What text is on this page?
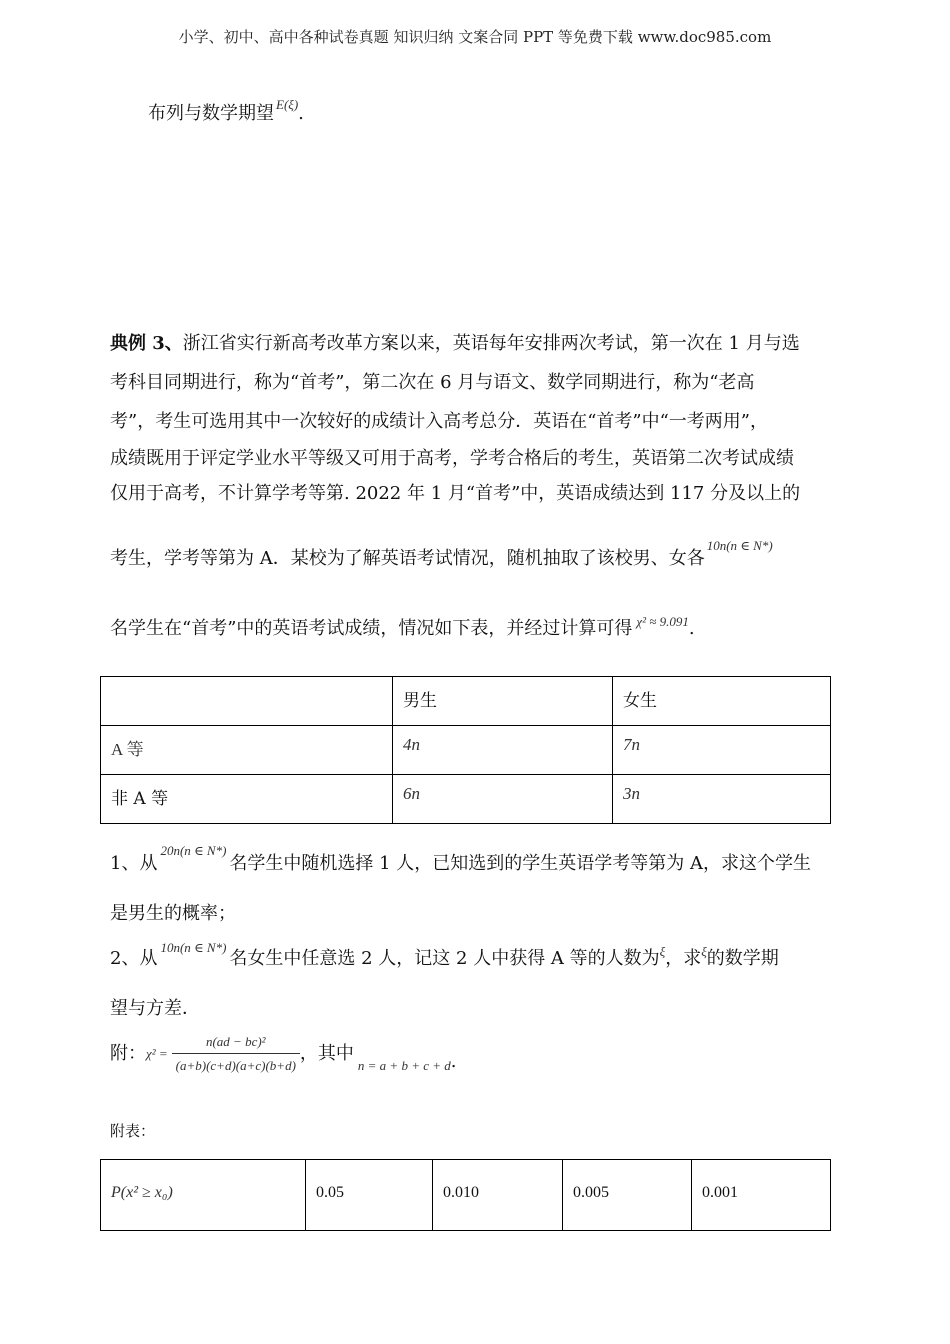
小学、初中、高中各种试卷真题 知识归纳 文案合同 PPT 等免费下载 www.doc985.com
布列与数学期望 $^{E(\xi)}$.
典例 3、浙江省实行新高考改革方案以来，英语每年安排两次考试，第一次在 1 月与选
考科目同期进行，称为“首考”，第二次在 6 月与语文、数学同期进行，称为“老高
考”，考生可选用其中一次较好的成绩计入高考总分．英语在“首考”中“一考两用”，
成绩既用于评定学业水平等级又可用于高考，学考合格后的考生，英语第二次考试成绩
仅用于高考，不计算学考等第. 2022 年 1 月“首考”中，英语成绩达到 117 分及以上的
考生，学考等第为 A．某校为了解英语考试情况，随机抽取了该校男、女各$^{10n(n \in N*)}$
名学生在“首考”中的英语考试成绩，情况如下表，并经过计算可得 $^{\chi^2 \approx 9.091}$.
	男生	女生
A 等	4n	7n
非 A 等	6n	3n
1、从$^{20n(n \in N*)}$名学生中随机选择 1 人，已知选到的学生英语学考等第为 A，求这个学生
是男生的概率；
2、从$^{10n(n \in N*)}$名女生中任意选 2 人，记这 2 人中获得 A 等的人数为$^\xi$，求$^\xi$的数学期
望与方差．
附：$\chi^2 = \frac{\text{n(ad − bc)²}}{(a+b)(c+d)(a+c)(b+d)}$ ，其中n = a + b + c + d.
附表：
P(x² ≥ x₀)	0.05	0.010	0.005	0.001
